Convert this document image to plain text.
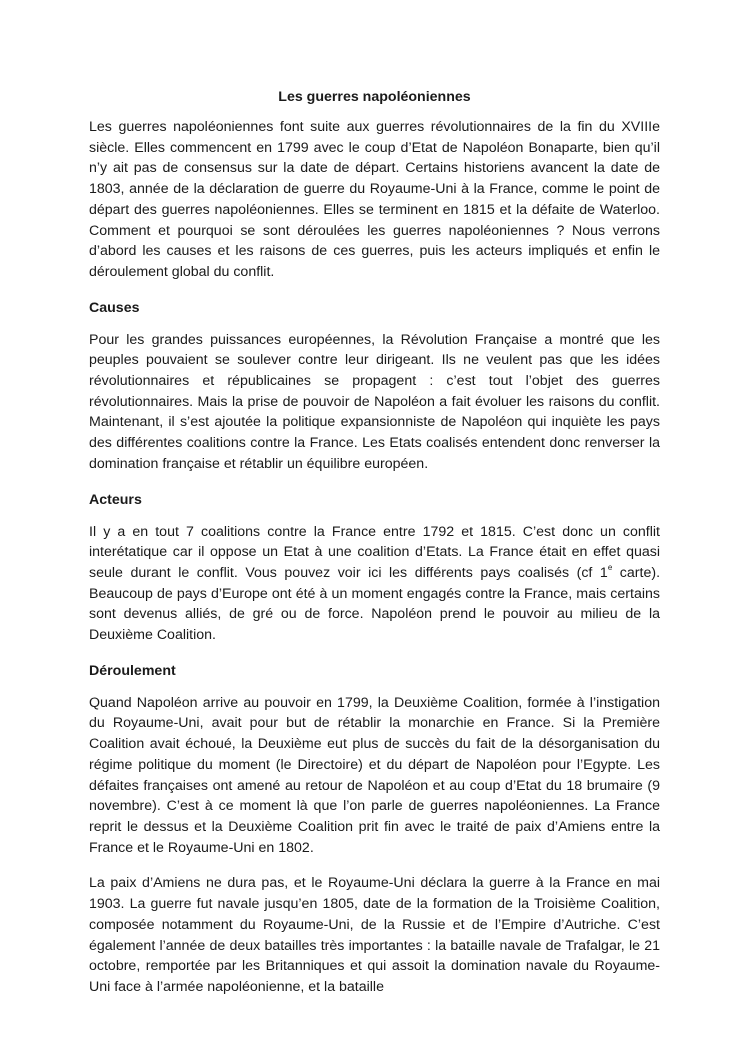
Les guerres napoléoniennes

Les guerres napoléoniennes font suite aux guerres révolutionnaires de la fin du XVIIIe siècle. Elles commencent en 1799 avec le coup d’Etat de Napoléon Bonaparte, bien qu’il n’y ait pas de consensus sur la date de départ. Certains historiens avancent la date de 1803, année de la déclaration de guerre du Royaume-Uni à la France, comme le point de départ des guerres napoléoniennes. Elles se terminent en 1815 et la défaite de Waterloo. Comment et pourquoi se sont déroulées les guerres napoléoniennes ? Nous verrons d’abord les causes et les raisons de ces guerres, puis les acteurs impliqués et enfin le déroulement global du conflit.

Causes

Pour les grandes puissances européennes, la Révolution Française a montré que les peuples pouvaient se soulever contre leur dirigeant. Ils ne veulent pas que les idées révolutionnaires et républicaines se propagent : c’est tout l’objet des guerres révolutionnaires. Mais la prise de pouvoir de Napoléon a fait évoluer les raisons du conflit. Maintenant, il s’est ajoutée la politique expansionniste de Napoléon qui inquiète les pays des différentes coalitions contre la France. Les Etats coalisés entendent donc renverser la domination française et rétablir un équilibre européen.

Acteurs

Il y a en tout 7 coalitions contre la France entre 1792 et 1815. C’est donc un conflit interétatique car il oppose un Etat à une coalition d’Etats. La France était en effet quasi seule durant le conflit. Vous pouvez voir ici les différents pays coalisés (cf 1e carte). Beaucoup de pays d’Europe ont été à un moment engagés contre la France, mais certains sont devenus alliés, de gré ou de force. Napoléon prend le pouvoir au milieu de la Deuxième Coalition.

Déroulement

Quand Napoléon arrive au pouvoir en 1799, la Deuxième Coalition, formée à l’instigation du Royaume-Uni, avait pour but de rétablir la monarchie en France. Si la Première Coalition avait échoué, la Deuxième eut plus de succès du fait de la désorganisation du régime politique du moment (le Directoire) et du départ de Napoléon pour l’Egypte. Les défaites françaises ont amené au retour de Napoléon et au coup d’Etat du 18 brumaire (9 novembre). C’est à ce moment là que l’on parle de guerres napoléoniennes. La France reprit le dessus et la Deuxième Coalition prit fin avec le traité de paix d’Amiens entre la France et le Royaume-Uni en 1802.

La paix d’Amiens ne dura pas, et le Royaume-Uni déclara la guerre à la France en mai 1903. La guerre fut navale jusqu’en 1805, date de la formation de la Troisième Coalition, composée notamment du Royaume-Uni, de la Russie et de l’Empire d’Autriche. C’est également l’année de deux batailles très importantes : la bataille navale de Trafalgar, le 21 octobre, remportée par les Britanniques et qui assoit la domination navale du Royaume-Uni face à l’armée napoléonienne, et la bataille
